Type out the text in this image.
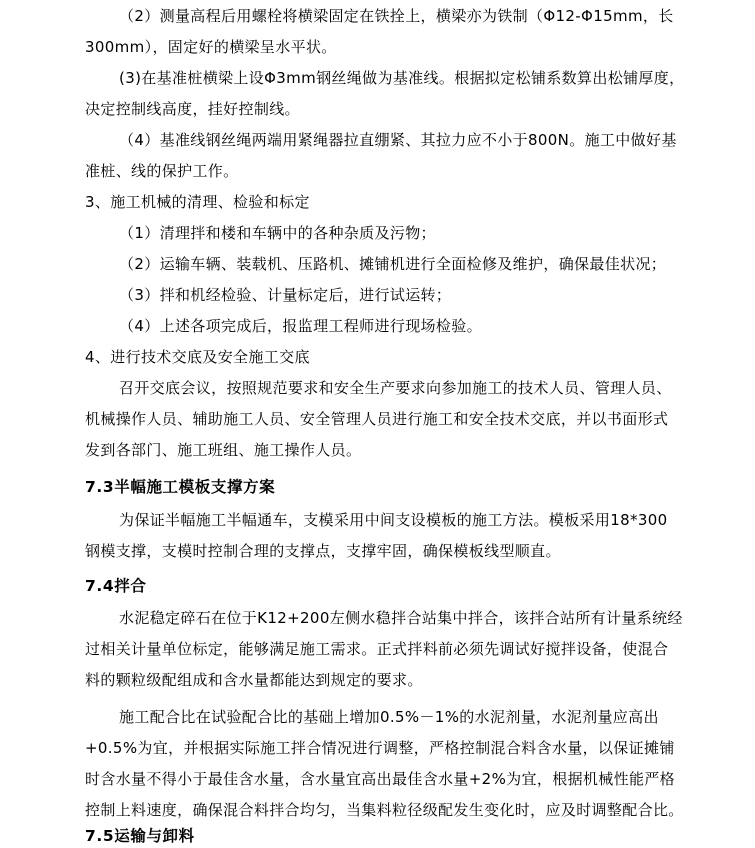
（2）测量高程后用螺栓将横梁固定在铁拴上，横梁亦为铁制（Φ12-Φ15mm，长
300mm），固定好的横梁呈水平状。
(3)在基准桩横梁上设Φ3mm钢丝绳做为基准线。根据拟定松铺系数算出松铺厚度，
决定控制线高度，挂好控制线。
（4）基准线钢丝绳两端用紧绳器拉直绷紧、其拉力应不小于800N。施工中做好基
准桩、线的保护工作。
3、施工机械的清理、检验和标定
（1）清理拌和楼和车辆中的各种杂质及污物；
（2）运输车辆、装载机、压路机、摊铺机进行全面检修及维护，确保最佳状况；
（3）拌和机经检验、计量标定后，进行试运转；
（4）上述各项完成后，报监理工程师进行现场检验。
4、进行技术交底及安全施工交底
召开交底会议，按照规范要求和安全生产要求向参加施工的技术人员、管理人员、
机械操作人员、辅助施工人员、安全管理人员进行施工和安全技术交底，并以书面形式
发到各部门、施工班组、施工操作人员。
7.3半幅施工模板支撑方案
为保证半幅施工半幅通车，支模采用中间支设模板的施工方法。模板采用18*300
钢模支撑，支模时控制合理的支撑点，支撑牢固，确保模板线型顺直。
7.4拌合
水泥稳定碎石在位于K12+200左侧水稳拌合站集中拌合，该拌合站所有计量系统经
过相关计量单位标定，能够满足施工需求。正式拌料前必须先调试好搅拌设备，使混合
料的颗粒级配组成和含水量都能达到规定的要求。
施工配合比在试验配合比的基础上增加0.5%－1%的水泥剂量，水泥剂量应高出
+0.5%为宜，并根据实际施工拌合情况进行调整，严格控制混合料含水量，以保证摊铺
时含水量不得小于最佳含水量，含水量宜高出最佳含水量+2%为宜，根据机械性能严格
控制上料速度，确保混合料拌合均匀，当集料粒径级配发生变化时，应及时调整配合比。
7.5运输与卸料
